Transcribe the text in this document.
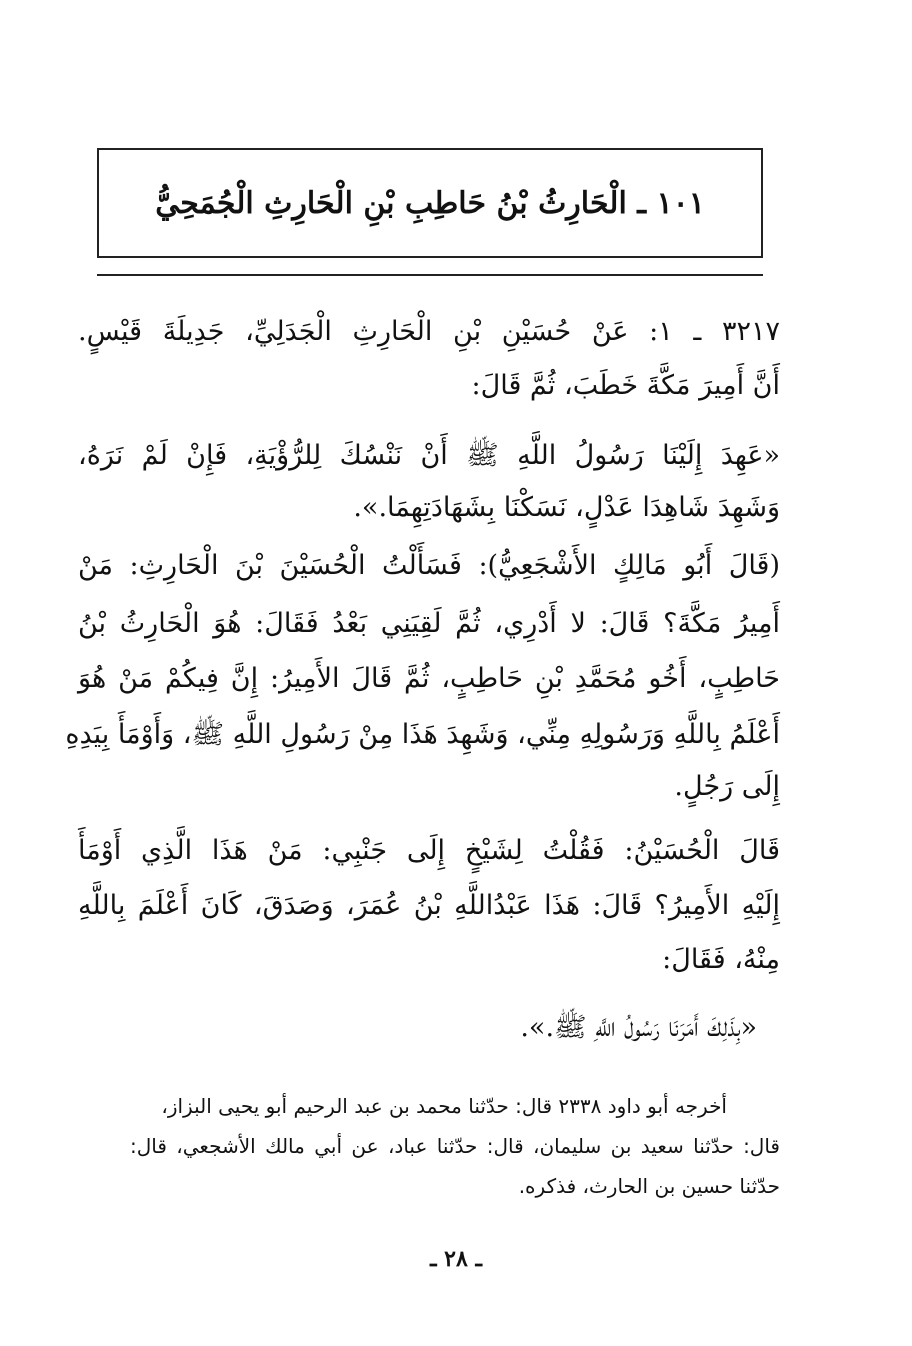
١٠١ ـ الْحَارِثُ بْنُ حَاطِبِ بْنِ الْحَارِثِ الْجُمَحِيُّ
٣٢١٧ ـ ١: عَنْ حُسَيْنِ بْنِ الْحَارِثِ الْجَدَلِيِّ، جَدِيلَةَ قَيْسٍ.
أَنَّ أَمِيرَ مَكَّةَ خَطَبَ، ثُمَّ قَالَ:
«عَهِدَ إِلَيْنَا رَسُولُ اللَّهِ ﷺ أَنْ نَنْسُكَ لِلرُّؤْيَةِ، فَإِنْ لَمْ نَرَهُ،
وَشَهِدَ شَاهِدَا عَدْلٍ، نَسَكْنَا بِشَهَادَتِهِمَا.».
(قَالَ أَبُو مَالِكٍ الأَشْجَعِيُّ): فَسَأَلْتُ الْحُسَيْنَ بْنَ الْحَارِثِ: مَنْ
أَمِيرُ مَكَّةَ؟ قَالَ: لا أَدْرِي، ثُمَّ لَقِيَنِي بَعْدُ فَقَالَ: هُوَ الْحَارِثُ بْنُ
حَاطِبٍ، أَخُو مُحَمَّدِ بْنِ حَاطِبٍ، ثُمَّ قَالَ الأَمِيرُ: إِنَّ فِيكُمْ مَنْ هُوَ
أَعْلَمُ بِاللَّهِ وَرَسُولِهِ مِنِّي، وَشَهِدَ هَذَا مِنْ رَسُولِ اللَّهِ ﷺ، وَأَوْمَأَ بِيَدِهِ
إِلَى رَجُلٍ.
قَالَ الْحُسَيْنُ: فَقُلْتُ لِشَيْخٍ إِلَى جَنْبِي: مَنْ هَذَا الَّذِي أَوْمَأَ
إِلَيْهِ الأَمِيرُ؟ قَالَ: هَذَا عَبْدُاللَّهِ بْنُ عُمَرَ، وَصَدَقَ، كَانَ أَعْلَمَ بِاللَّهِ
مِنْهُ، فَقَالَ:
«بِذَلِكَ أَمَرَنَا رَسُولُ اللَّهِ ﷺ.».
أخرجه أبو داود ٢٣٣٨ قال: حدّثنا محمد بن عبد الرحيم أبو يحيى البزاز،
قال: حدّثنا سعيد بن سليمان، قال: حدّثنا عباد، عن أبي مالك الأشجعي، قال:
حدّثنا حسين بن الحارث، فذكره.
ـ ٢٨ ـ
